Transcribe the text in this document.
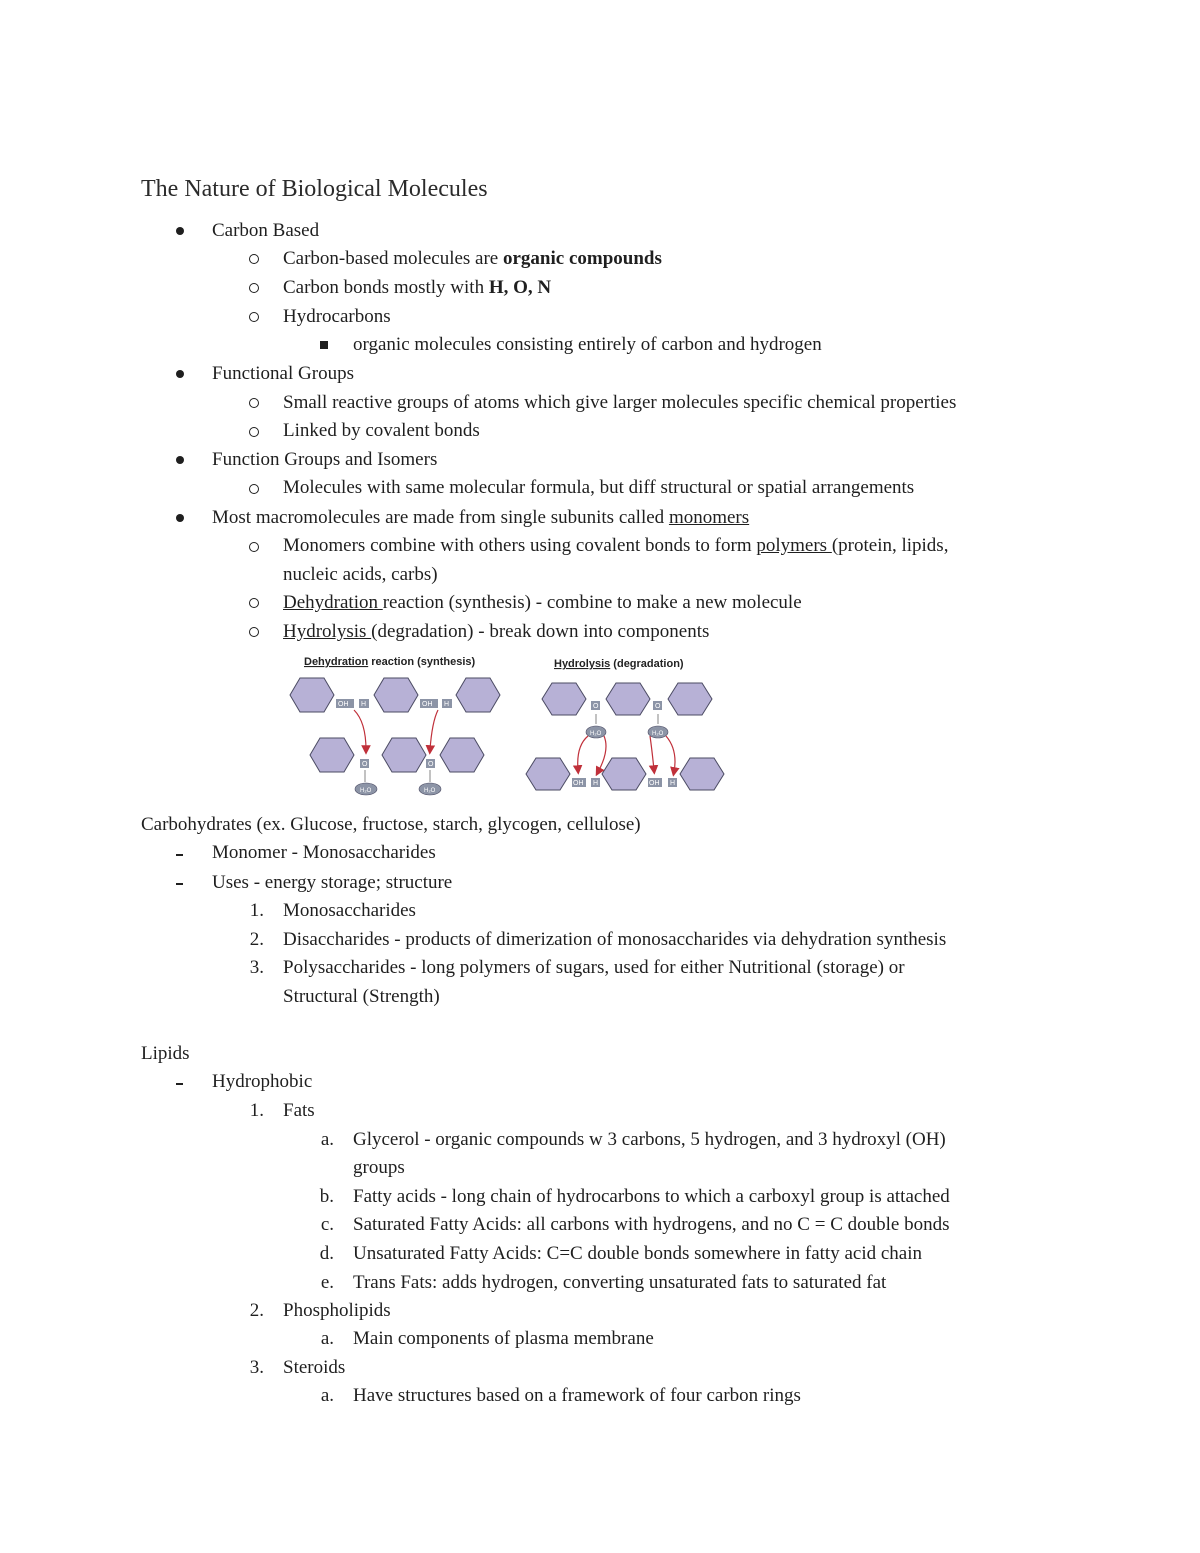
The Nature of Biological Molecules
Carbon Based
Carbon-based molecules are organic compounds
Carbon bonds mostly with H, O, N
Hydrocarbons
organic molecules consisting entirely of carbon and hydrogen
Functional Groups
Small reactive groups of atoms which give larger molecules specific chemical properties
Linked by covalent bonds
Function Groups and Isomers
Molecules with same molecular formula, but diff structural or spatial arrangements
Most macromolecules are made from single subunits called monomers
Monomers combine with others using covalent bonds to form polymers (protein, lipids,
nucleic acids, carbs)
Dehydration reaction (synthesis) - combine to make a new molecule
Hydrolysis (degradation) - break down into components
Dehydration reaction (synthesis)	Hydrolysis (degradation)
OH H	OH H
O	O
H₂O	H₂O
O	O
OH H	OH H
H₂O	H₂O
Carbohydrates (ex. Glucose, fructose, starch, glycogen, cellulose)
Monomer - Monosaccharides
Uses - energy storage; structure
1. Monosaccharides
2. Disaccharides - products of dimerization of monosaccharides via dehydration synthesis
3. Polysaccharides - long polymers of sugars, used for either Nutritional (storage) or
Structural (Strength)
Lipids
Hydrophobic
1. Fats
a. Glycerol - organic compounds w 3 carbons, 5 hydrogen, and 3 hydroxyl (OH)
groups
b. Fatty acids - long chain of hydrocarbons to which a carboxyl group is attached
c. Saturated Fatty Acids: all carbons with hydrogens, and no C = C double bonds
d. Unsaturated Fatty Acids: C=C double bonds somewhere in fatty acid chain
e. Trans Fats: adds hydrogen, converting unsaturated fats to saturated fat
2. Phospholipids
a. Main components of plasma membrane
3. Steroids
a. Have structures based on a framework of four carbon rings
